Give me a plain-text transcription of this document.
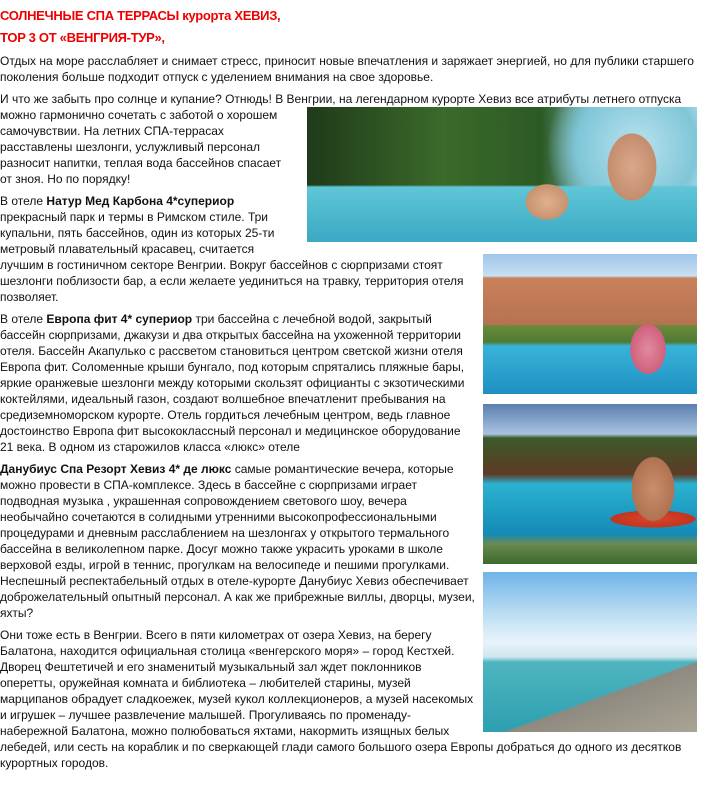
СОЛНЕЧНЫЕ СПА ТЕРРАСЫ курорта ХЕВИЗ,
TOP 3 ОТ «ВЕНГРИЯ-ТУР»,

Отдых на море расслабляет и снимает стресс, приносит новые впечатления и заряжает энергией, но для публики старшего поколения больше подходит отпуск с уделением внимания на свое здоровье.

И что же забыть про солнце и купание? Отнюдь! В Венгрии, на легендарном курорте Хевиз все атрибуты летнего отпуска можно гармонично сочетать с заботой о хорошем самочувствии. На летних СПА-террасах расставлены шезлонги, услужливый персонал разносит напитки, теплая вода бассейнов спасает от зноя. Но по порядку!

В отеле Натур Мед Карбона 4*супериор прекрасный парк и термы в Римском стиле. Три купальни, пять бассейнов, один из которых 25-ти метровый плавательный красавец, считается лучшим в гостиничном секторе Венгрии. Вокруг бассейнов с сюрпризами стоят шезлонги поблизости бар, а если желаете уединиться на травку, территория отеля позволяет.

В отеле Европа фит 4* супериор три бассейна с лечебной водой, закрытый бассейн сюрпризами, джакузи и два открытых бассейна на ухоженной территории отеля. Бассейн Акапулько с рассветом становиться центром светской жизни отеля Европа фит. Соломенные крыши бунгало, под которым спрятались пляжные бары, яркие оранжевые шезлонги между которыми скользят официанты с экзотическими коктейлями, идеальный газон, создают волшебное впечатленит пребывания на средиземноморском курорте. Отель гордиться лечебным центром, ведь главное достоинство Европа фит высококлассный персонал и медицинское оборудование 21 века. В одном из старожилов класса «люкс» отеле

Данубиус Спа Резорт Хевиз 4* де люкс самые романтические вечера, которые можно провести в СПА-комплексе. Здесь в бассейне с сюрпризами играет подводная музыка , украшенная сопровождением светового шоу, вечера необычайно сочетаются в солидными утренними высокопрофессиональными процедурами и дневным расслаблением на шезлонгах у открытого термального бассейна в великолепном парке. Досуг можно также украсить уроками в школе верховой езды, игрой в теннис, прогулкам на велосипеде и пешими прогулками. Неспешный респектабельный отдых в отеле-курорте Данубиус Хевиз обеспечивает доброжелательный опытный персонал. А как же прибрежные виллы, дворцы, музеи, яхты?

Они тоже есть в Венгрии. Всего в пяти километрах от озера Хевиз, на берегу Балатона, находится официальная столица «венгерского моря» – город Кестхей. Дворец Фештетичей и его знаменитый музыкальный зал ждет поклонников оперетты, оружейная комната и библиотека – любителей старины, музей марципанов обрадует сладкоежек, музей кукол коллекционеров, а музей насекомых и игрушек – лучшее развлечение малышей. Прогуливаясь по променаду-набережной Балатона, можно полюбоваться яхтами, накормить изящных белых лебедей, или сесть на кораблик и по сверкающей глади самого большого озера Европы добраться до одного из десятков курортных городов.
